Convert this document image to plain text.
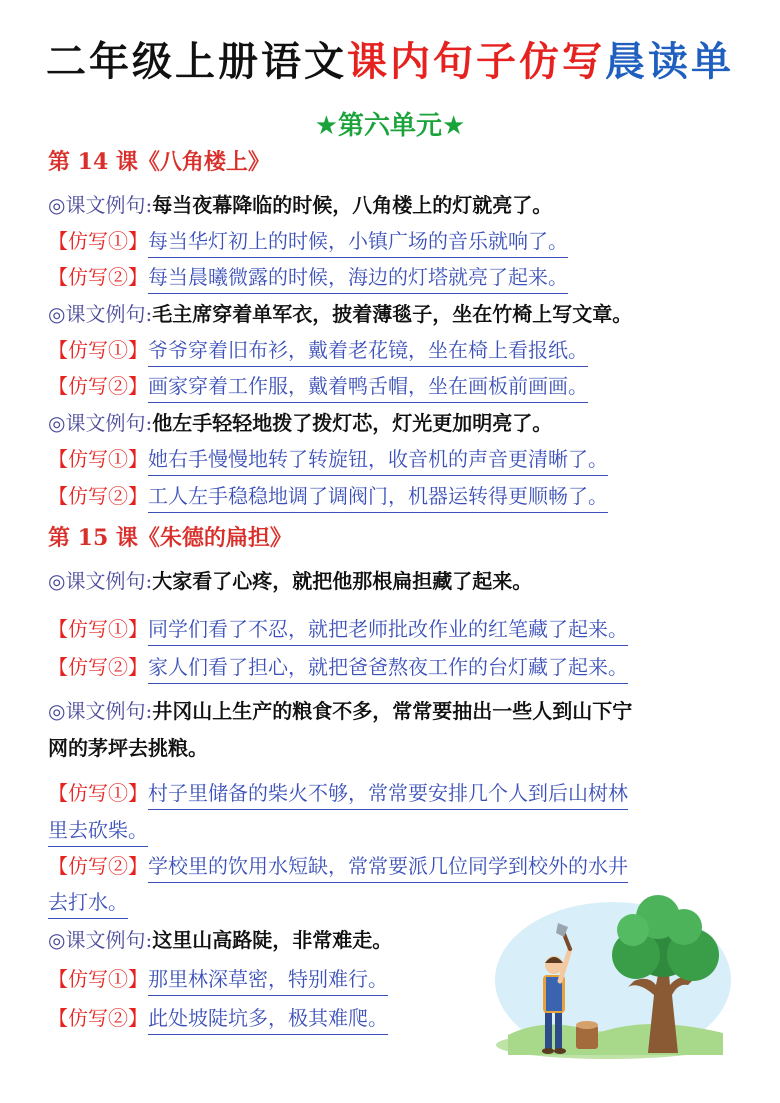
二年级上册语文课内句子仿写晨读单
★第六单元★
第 14 课《八角楼上》
◎课文例句:每当夜幕降临的时候，八角楼上的灯就亮了。
【仿写①】每当华灯初上的时候，小镇广场的音乐就响了。
【仿写②】每当晨曦微露的时候，海边的灯塔就亮了起来。
◎课文例句:毛主席穿着单军衣，披着薄毯子，坐在竹椅上写文章。
【仿写①】爷爷穿着旧布衫，戴着老花镜，坐在椅上看报纸。
【仿写②】画家穿着工作服，戴着鸭舌帽，坐在画板前画画。
◎课文例句:他左手轻轻地拨了拨灯芯，灯光更加明亮了。
【仿写①】她右手慢慢地转了转旋钮，收音机的声音更清晰了。
【仿写②】工人左手稳稳地调了调阀门，机器运转得更顺畅了。
第 15 课《朱德的扁担》
◎课文例句:大家看了心疼，就把他那根扁担藏了起来。
【仿写①】同学们看了不忍，就把老师批改作业的红笔藏了起来。
【仿写②】家人们看了担心，就把爸爸熬夜工作的台灯藏了起来。
◎课文例句:井冈山上生产的粮食不多，常常要抽出一些人到山下宁
网的茅坪去挑粮。
【仿写①】村子里储备的柴火不够，常常要安排几个人到后山树林
里去砍柴。
【仿写②】学校里的饮用水短缺，常常要派几位同学到校外的水井
去打水。
◎课文例句:这里山高路陡，非常难走。
【仿写①】那里林深草密，特别难行。
【仿写②】此处坡陡坑多，极其难爬。
